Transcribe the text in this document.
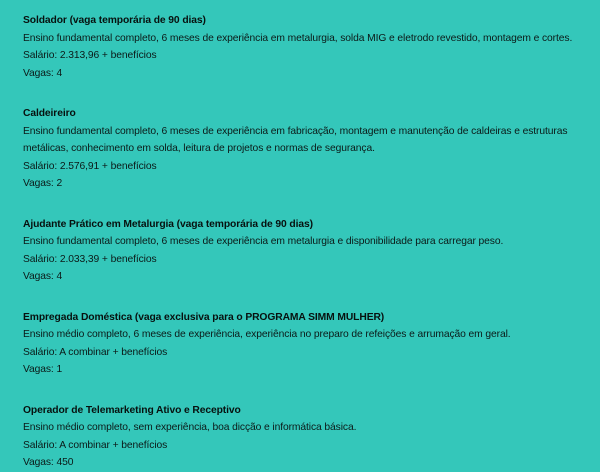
Soldador (vaga temporária de 90 dias)

Ensino fundamental completo, 6 meses de experiência em metalurgia, solda MIG e eletrodo revestido, montagem e cortes.

Salário: 2.313,96 + benefícios

Vagas: 4

Caldeireiro

Ensino fundamental completo, 6 meses de experiência em fabricação, montagem e manutenção de caldeiras e estruturas metálicas, conhecimento em solda, leitura de projetos e normas de segurança.

Salário: 2.576,91 + benefícios

Vagas: 2

Ajudante Prático em Metalurgia (vaga temporária de 90 dias)

Ensino fundamental completo, 6 meses de experiência em metalurgia e disponibilidade para carregar peso.

Salário: 2.033,39 + benefícios

Vagas: 4

Empregada Doméstica (vaga exclusiva para o PROGRAMA SIMM MULHER)

Ensino médio completo, 6 meses de experiência, experiência no preparo de refeições e arrumação em geral.

Salário: A combinar + benefícios

Vagas: 1

Operador de Telemarketing Ativo e Receptivo

Ensino médio completo, sem experiência, boa dicção e informática básica.

Salário: A combinar + benefícios

Vagas: 450
